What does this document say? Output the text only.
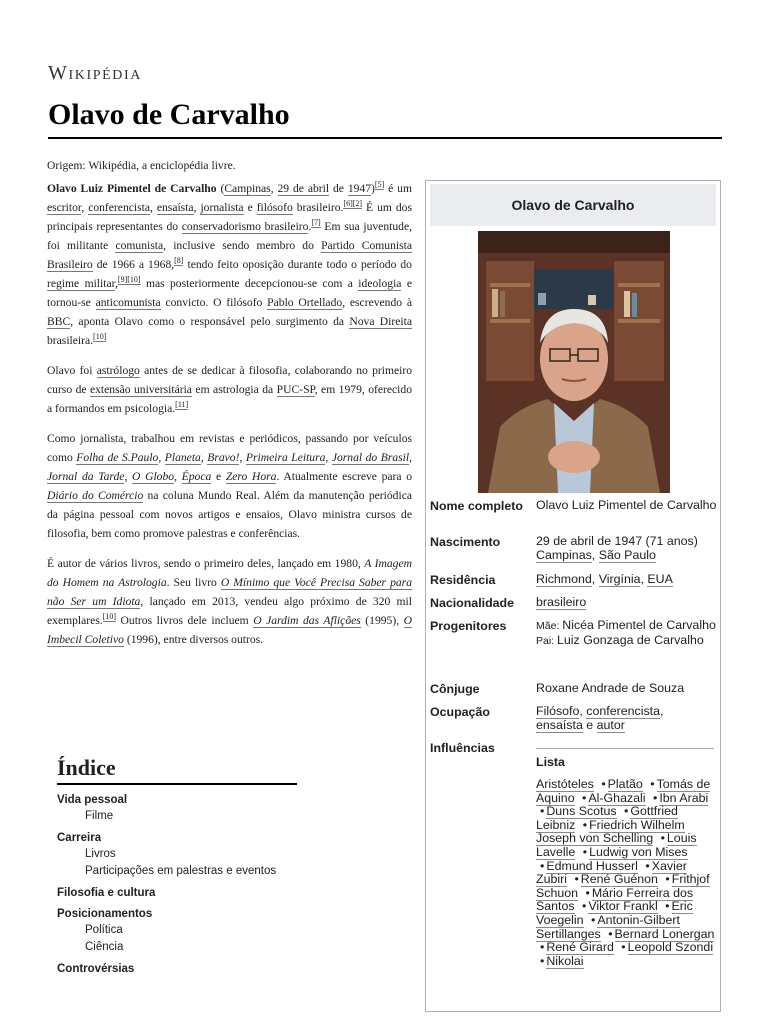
Wikipédia
Olavo de Carvalho

Origem: Wikipédia, a enciclopédia livre.

Olavo Luiz Pimentel de Carvalho (Campinas, 29 de abril de 1947)[5] é um escritor, conferencista, ensaísta, jornalista e filósofo brasileiro.[6][2] É um dos principais representantes do conservadorismo brasileiro.[7] Em sua juventude, foi militante comunista, inclusive sendo membro do Partido Comunista Brasileiro de 1966 a 1968,[8] tendo feito oposição durante todo o período do regime militar,[9][10] mas posteriormente decepcionou-se com a ideologia e tornou-se anticomunista convicto. O filósofo Pablo Ortellado, escrevendo à BBC, aponta Olavo como o responsável pelo surgimento da Nova Direita brasileira.[10]

Olavo foi astrólogo antes de se dedicar à filosofia, colaborando no primeiro curso de extensão universitária em astrologia da PUC-SP, em 1979, oferecido a formandos em psicologia.[11]

Como jornalista, trabalhou em revistas e periódicos, passando por veículos como Folha de S.Paulo, Planeta, Bravo!, Primeira Leitura, Jornal do Brasil, Jornal da Tarde, O Globo, Época e Zero Hora. Atualmente escreve para o Diário do Comércio na coluna Mundo Real. Além da manutenção periódica da página pessoal com novos artigos e ensaios, Olavo ministra cursos de filosofia, bem como promove palestras e conferências.

É autor de vários livros, sendo o primeiro deles, lançado em 1980, A Imagem do Homem na Astrologia. Seu livro O Mínimo que Você Precisa Saber para não Ser um Idiota, lançado em 2013, vendeu algo próximo de 320 mil exemplares.[10] Outros livros dele incluem O Jardim das Aflições (1995), O Imbecil Coletivo (1996), entre diversos outros.

Olavo de Carvalho
Nome completo	Olavo Luiz Pimentel de Carvalho
Nascimento	29 de abril de 1947 (71 anos)
Campinas, São Paulo
Residência	Richmond, Virgínia, EUA
Nacionalidade	brasileiro
Progenitores	Mãe: Nicéa Pimentel de Carvalho
Pai: Luiz Gonzaga de Carvalho
Cônjuge	Roxane Andrade de Souza
Ocupação	Filósofo, conferencista,
ensaísta e autor
Influências
Lista
Aristóteles • Platão • Tomás de Aquino • Al-Ghazali • Ibn Arabi • Duns Scotus • Gottfried Leibniz • Friedrich Wilhelm Joseph von Schelling • Louis Lavelle • Ludwig von Mises • Edmund Husserl • Xavier Zubiri • René Guénon • Frithjof Schuon • Mário Ferreira dos Santos • Viktor Frankl • Eric Voegelin • Antonin-Gilbert Sertillanges • Bernard Lonergan • René Girard • Leopold Szondi • Nikolai
Índice
Vida pessoal
Filme
Carreira
Livros
Participações em palestras e eventos
Filosofia e cultura
Posicionamentos
Política
Ciência
Controvérsias
